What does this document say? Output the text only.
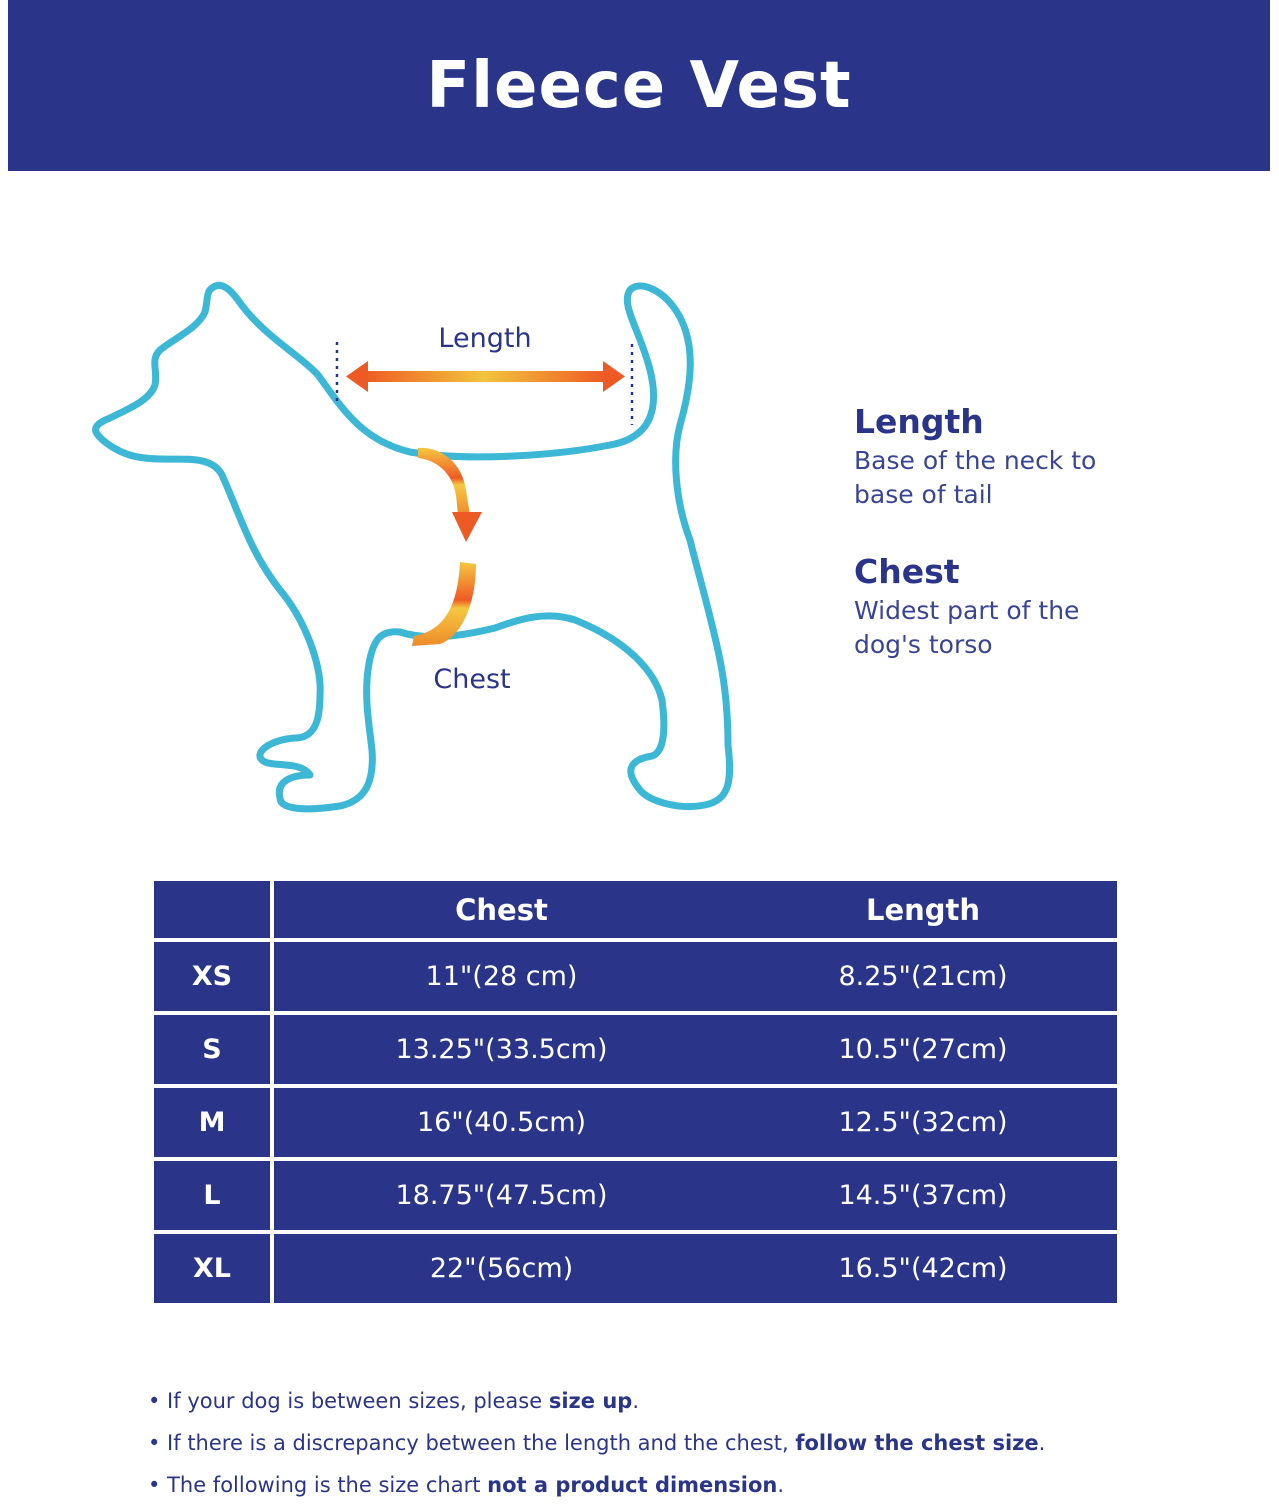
Fleece Vest
Length
Chest

Length

Base of the neck to

base of tail

Chest

Widest part of the

dog's torso

		Chest	Length

XS		11"(28 cm)	8.25"(21cm)

S		13.25"(33.5cm)	10.5"(27cm)

M		16"(40.5cm)	12.5"(32cm)

L		18.75"(47.5cm)	14.5"(37cm)

XL		22"(56cm)	16.5"(42cm)

• If your dog is between sizes, please size up.

• If there is a discrepancy between the length and the chest, follow the chest size.

• The following is the size chart not a product dimension.
